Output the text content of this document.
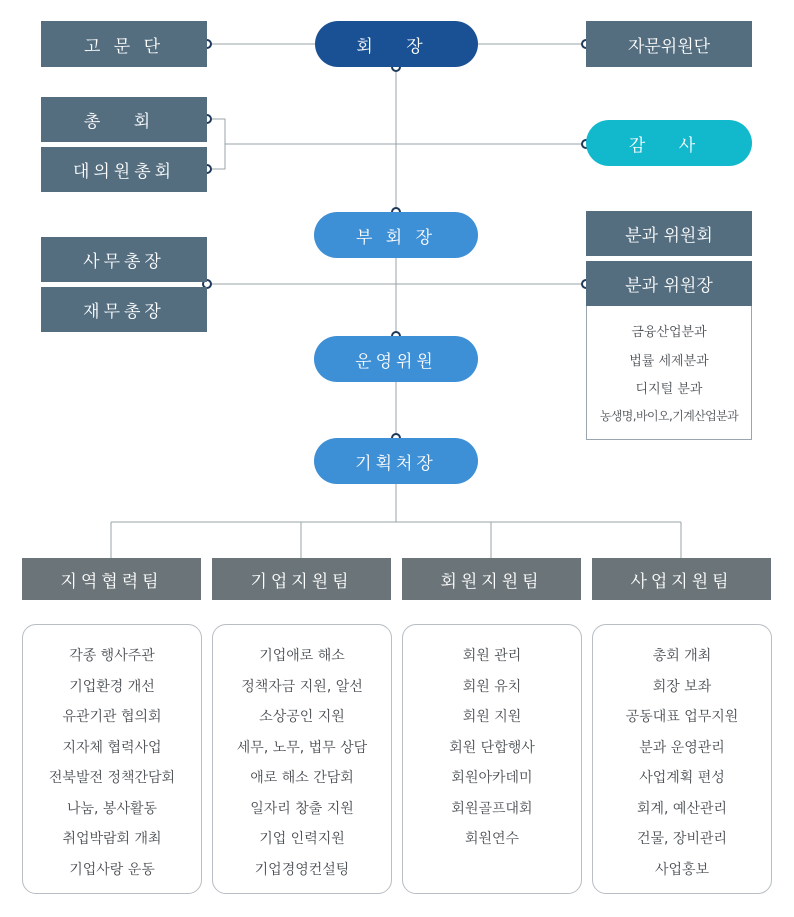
고 문 단	회 장	자문위원단
총 회
대의원총회
감 사
부 회 장
사무총장
재무총장
분과 위원회
분과 위원장
금융산업분과
법률 세제분과
디지털 분과
농생명,바이오,기계산업분과
운영위원
기획처장
지역협력팀	기업지원팀	회원지원팀	사업지원팀
각종 행사주관
기업환경 개선
유관기관 협의회
지자체 협력사업
전북발전 정책간담회
나눔, 봉사활동
취업박람회 개최
기업사랑 운동
기업애로 해소
정책자금 지원, 알선
소상공인 지원
세무, 노무, 법무 상담
애로 해소 간담회
일자리 창출 지원
기업 인력지원
기업경영컨설팅
회원 관리
회원 유치
회원 지원
회원 단합행사
회원아카데미
회원골프대회
회원연수
총회 개최
회장 보좌
공동대표 업무지원
분과 운영관리
사업계획 편성
회계, 예산관리
건물, 장비관리
사업홍보
